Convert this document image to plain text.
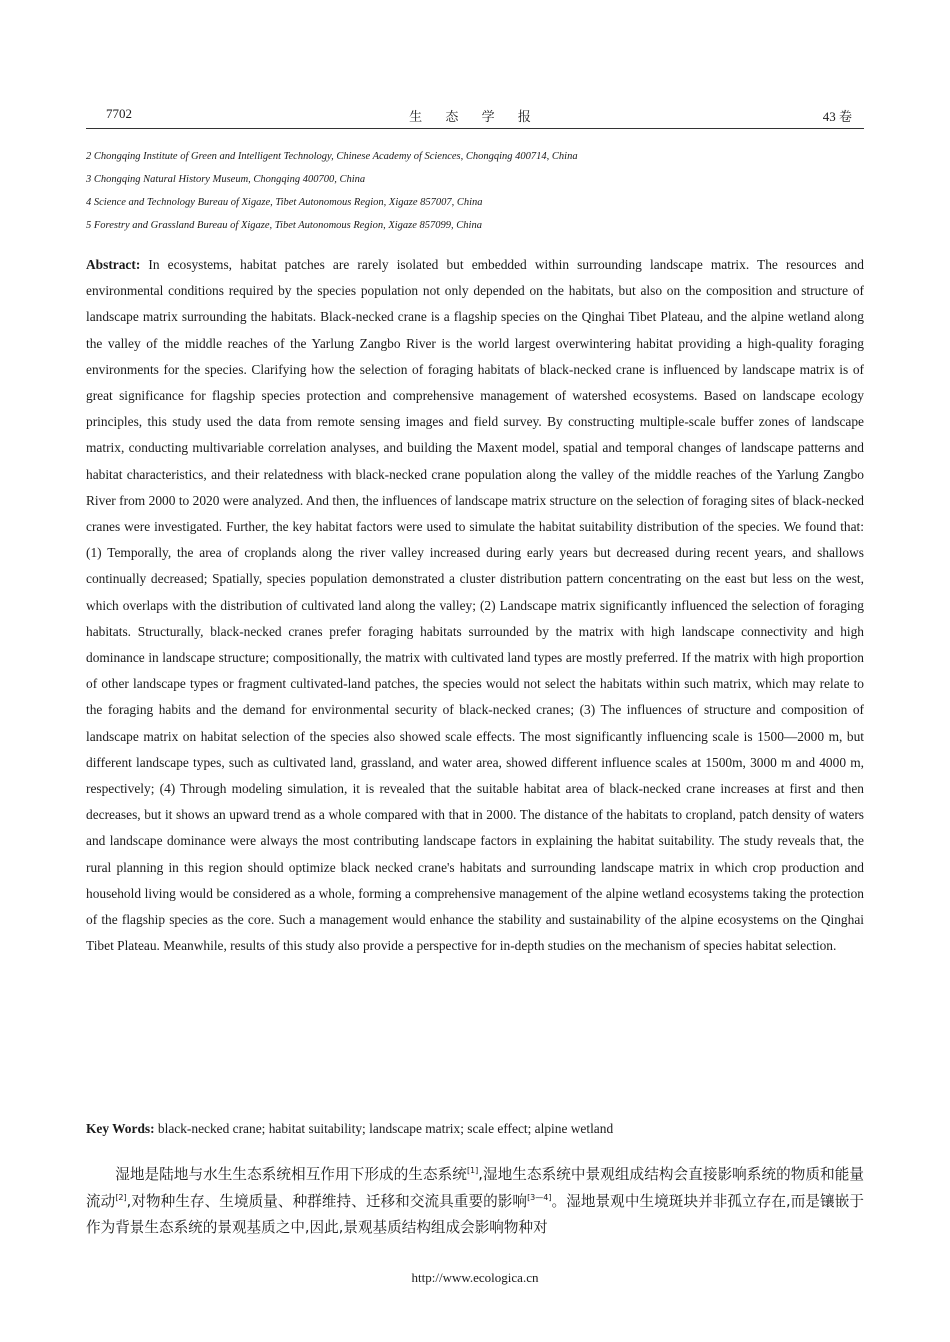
7702	生 态 学 报	43 卷
2 Chongqing Institute of Green and Intelligent Technology, Chinese Academy of Sciences, Chongqing 400714, China
3 Chongqing Natural History Museum, Chongqing 400700, China
4 Science and Technology Bureau of Xigaze, Tibet Autonomous Region, Xigaze 857007, China
5 Forestry and Grassland Bureau of Xigaze, Tibet Autonomous Region, Xigaze 857099, China
Abstract: In ecosystems, habitat patches are rarely isolated but embedded within surrounding landscape matrix. The resources and environmental conditions required by the species population not only depended on the habitats, but also on the composition and structure of landscape matrix surrounding the habitats. Black-necked crane is a flagship species on the Qinghai Tibet Plateau, and the alpine wetland along the valley of the middle reaches of the Yarlung Zangbo River is the world largest overwintering habitat providing a high-quality foraging environments for the species. Clarifying how the selection of foraging habitats of black-necked crane is influenced by landscape matrix is of great significance for flagship species protection and comprehensive management of watershed ecosystems. Based on landscape ecology principles, this study used the data from remote sensing images and field survey. By constructing multiple-scale buffer zones of landscape matrix, conducting multivariable correlation analyses, and building the Maxent model, spatial and temporal changes of landscape patterns and habitat characteristics, and their relatedness with black-necked crane population along the valley of the middle reaches of the Yarlung Zangbo River from 2000 to 2020 were analyzed. And then, the influences of landscape matrix structure on the selection of foraging sites of black-necked cranes were investigated. Further, the key habitat factors were used to simulate the habitat suitability distribution of the species. We found that: (1) Temporally, the area of croplands along the river valley increased during early years but decreased during recent years, and shallows continually decreased; Spatially, species population demonstrated a cluster distribution pattern concentrating on the east but less on the west, which overlaps with the distribution of cultivated land along the valley; (2) Landscape matrix significantly influenced the selection of foraging habitats. Structurally, black-necked cranes prefer foraging habitats surrounded by the matrix with high landscape connectivity and high dominance in landscape structure; compositionally, the matrix with cultivated land types are mostly preferred. If the matrix with high proportion of other landscape types or fragment cultivated-land patches, the species would not select the habitats within such matrix, which may relate to the foraging habits and the demand for environmental security of black-necked cranes; (3) The influences of structure and composition of landscape matrix on habitat selection of the species also showed scale effects. The most significantly influencing scale is 1500—2000 m, but different landscape types, such as cultivated land, grassland, and water area, showed different influence scales at 1500m, 3000 m and 4000 m, respectively; (4) Through modeling simulation, it is revealed that the suitable habitat area of black-necked crane increases at first and then decreases, but it shows an upward trend as a whole compared with that in 2000. The distance of the habitats to cropland, patch density of waters and landscape dominance were always the most contributing landscape factors in explaining the habitat suitability. The study reveals that, the rural planning in this region should optimize black necked crane's habitats and surrounding landscape matrix in which crop production and household living would be considered as a whole, forming a comprehensive management of the alpine wetland ecosystems taking the protection of the flagship species as the core. Such a management would enhance the stability and sustainability of the alpine ecosystems on the Qinghai Tibet Plateau. Meanwhile, results of this study also provide a perspective for in-depth studies on the mechanism of species habitat selection.
Key Words: black-necked crane; habitat suitability; landscape matrix; scale effect; alpine wetland
湿地是陆地与水生生态系统相互作用下形成的生态系统[1],湿地生态系统中景观组成结构会直接影响系统的物质和能量流动[2],对物种生存、生境质量、种群维持、迁移和交流具重要的影响[3—4]。湿地景观中生境斑块并非孤立存在,而是镶嵌于作为背景生态系统的景观基质之中,因此,景观基质结构组成会影响物种对
http://www.ecologica.cn
